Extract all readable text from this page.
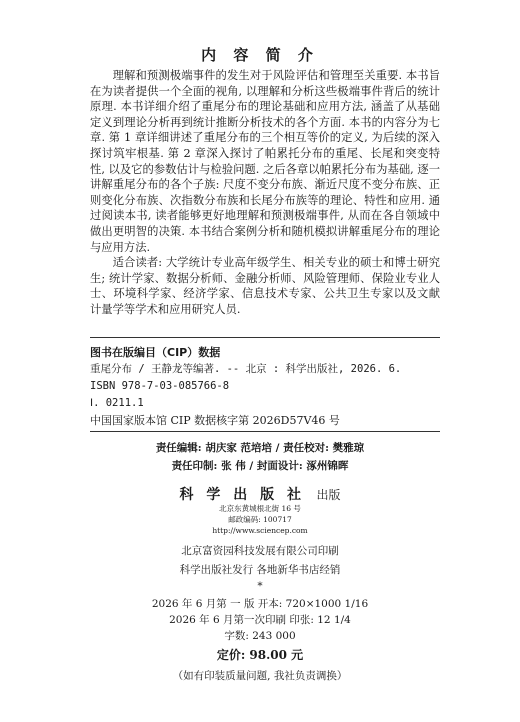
内 容 简 介

理解和预测极端事件的发生对于风险评估和管理至关重要. 本书旨在为读者提供一个全面的视角, 以理解和分析这些极端事件背后的统计原理. 本书详细介绍了重尾分布的理论基础和应用方法, 涵盖了从基础定义到理论分析再到统计推断分析技术的各个方面. 本书的内容分为七章. 第 1 章详细讲述了重尾分布的三个相互等价的定义, 为后续的深入探讨筑牢根基. 第 2 章深入探讨了帕累托分布的重尾、长尾和突变特性, 以及它的参数估计与检验问题. 之后各章以帕累托分布为基础, 逐一讲解重尾分布的各个子族: 尺度不变分布族、渐近尺度不变分布族、正则变化分布族、次指数分布族和长尾分布族等的理论、特性和应用. 通过阅读本书, 读者能够更好地理解和预测极端事件, 从而在各自领域中做出更明智的决策. 本书结合案例分析和随机模拟讲解重尾分布的理论与应用方法.

适合读者: 大学统计专业高年级学生、相关专业的硕士和博士研究生; 统计学家、数据分析师、金融分析师、风险管理师、保险业专业人士、环境科学家、经济学家、信息技术专家、公共卫生专家以及文献计量学等学术和应用研究人员.

图书在版编目（CIP）数据
重尾分布 / 王静龙等编著. -- 北京 : 科学出版社, 2026. 6.
ISBN 978-7-03-085766-8
Ⅰ. 0211.1
中国国家版本馆 CIP 数据核字第 2026D57V46 号
责任编辑: 胡庆家 范培培 / 责任校对: 樊雅琼
责任印制: 张 伟 / 封面设计: 涿州锦晖
科 学 出 版 社 出版
北京东黄城根北街 16 号
邮政编码: 100717
http://www.sciencep.com
北京富资园科技发展有限公司印刷
科学出版社发行 各地新华书店经销
*
2026 年 6 月第 一 版 开本: 720×1000 1/16
2026 年 6 月第一次印刷 印张: 12 1/4
字数: 243 000
定价: 98.00 元
（如有印装质量问题, 我社负责调换）
